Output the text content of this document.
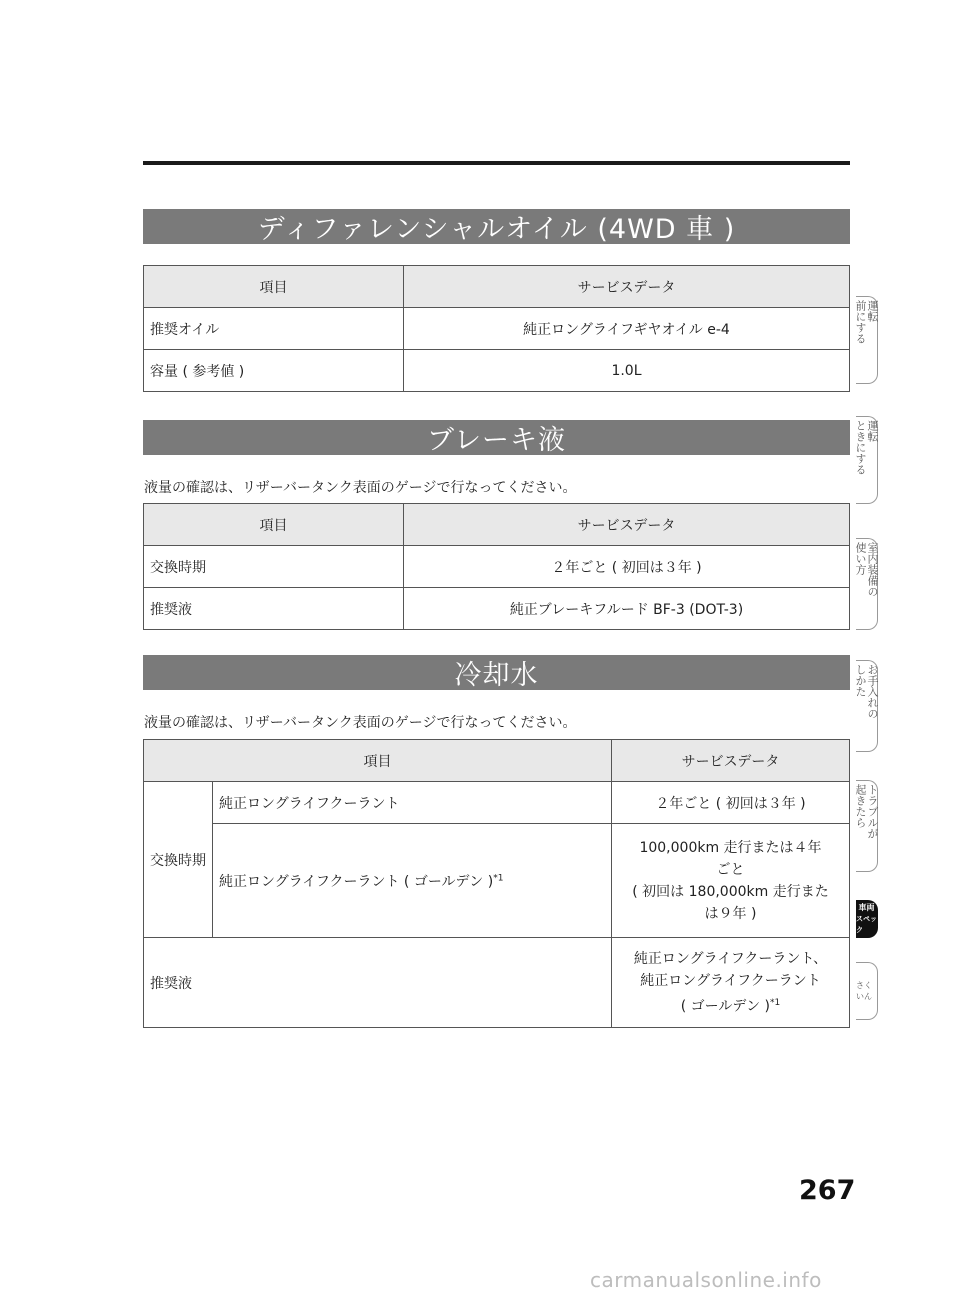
ディファレンシャルオイル (4WD 車 )
項目	サービスデータ
推奨オイル	純正ロングライフギヤオイル e-4
容量 ( 参考値 )	1.0L
ブレーキ液
液量の確認は、リザーバータンク表面のゲージで行なってください。
項目	サービスデータ
交換時期	２年ごと ( 初回は３年 )
推奨液	純正ブレーキフルード BF-3 (DOT-3)
冷却水
液量の確認は、リザーバータンク表面のゲージで行なってください。
項目		サービスデータ
交換時期	純正ロングライフクーラント	２年ごと ( 初回は３年 )
	純正ロングライフクーラント ( ゴールデン )$^{*1}$	100,000km 走行または４年
ごと
( 初回は 180,000km 走行また
は９年 )

推奨液		純正ロングライフクーラント、
純正ロングライフクーラント
( ゴールデン )$^{*1}$
運転
前にする
運転
ときにする
室内装備の
使い方
お手入れの
しかた
トラブルが
起きたら
車両
スペック
さくいん
267
carmanualsonline.info
